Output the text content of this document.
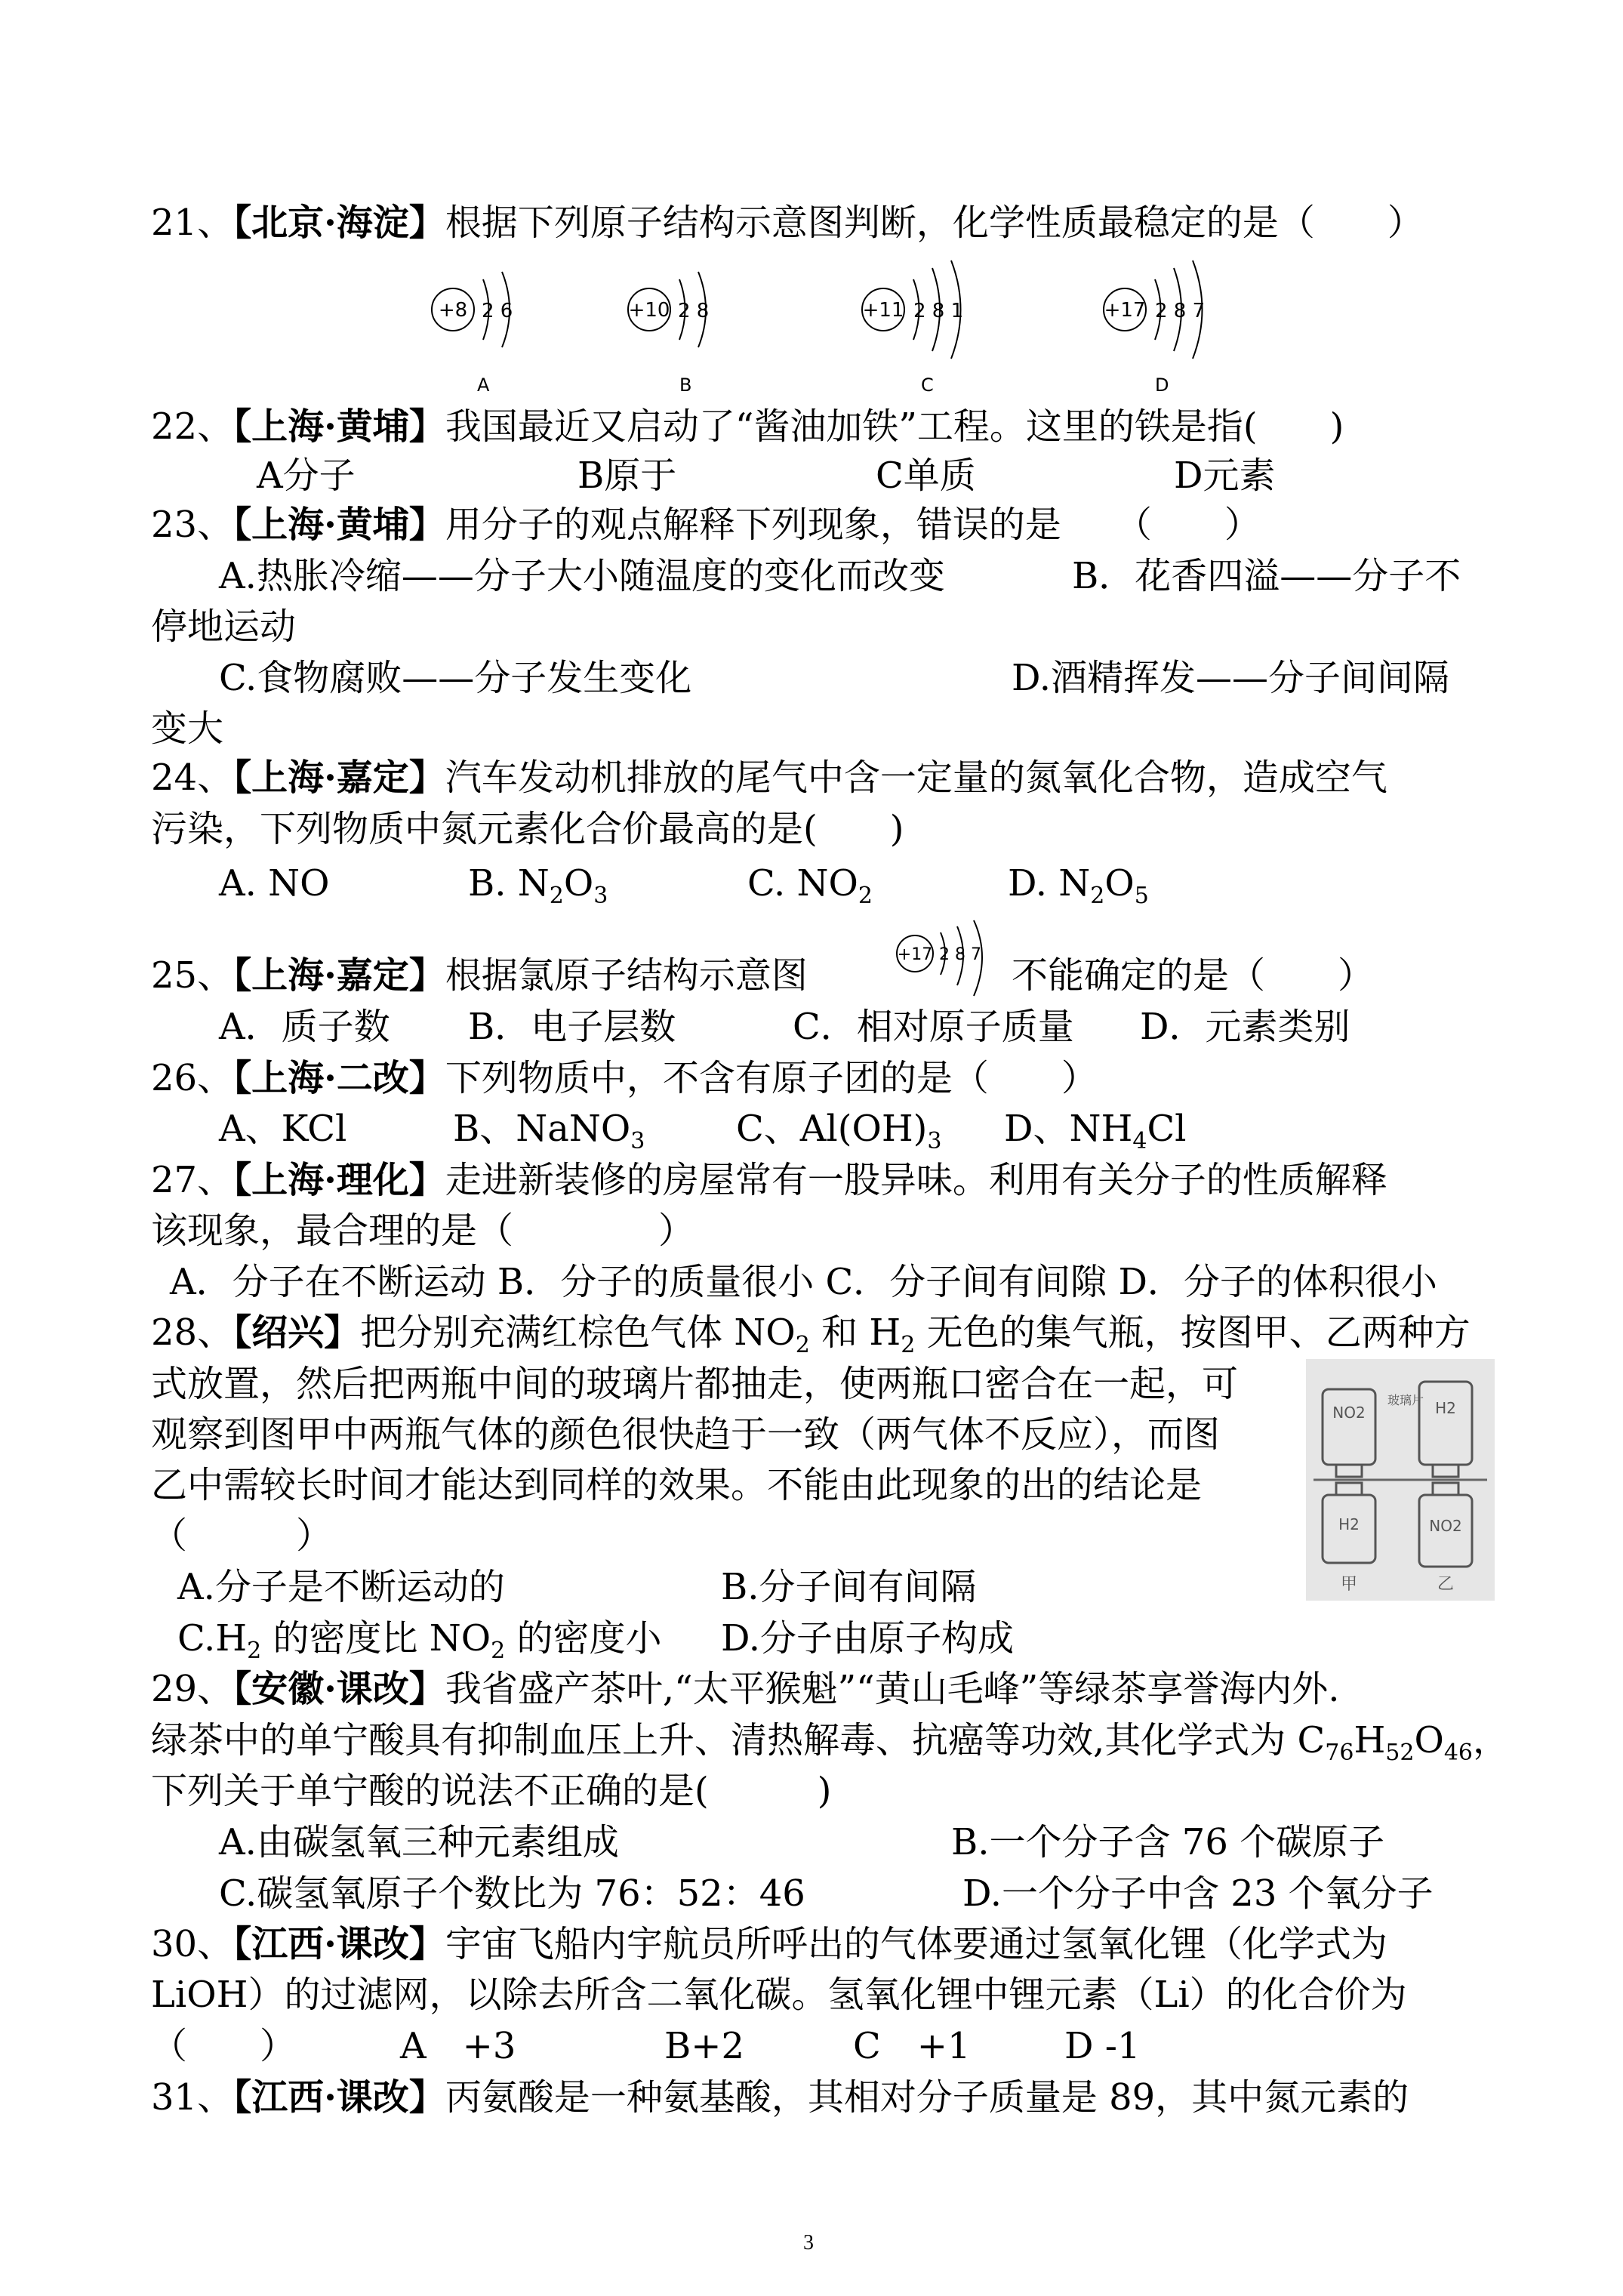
21、【北京·海淀】根据下列原子结构示意图判断，化学性质最稳定的是（　　）
+8 2 6	+10 2 8	+11 2 8 1	+17 2 8 7
A	B	C	D
22、【上海·黄埔】我国最近又启动了“酱油加铁”工程。这里的铁是指(　　)
A分子	B原于	C单质	D元素
23、【上海·黄埔】用分子的观点解释下列现象，错误的是　　（　　）
A.热胀冷缩——分子大小随温度的变化而改变	B．花香四溢——分子不
停地运动
C.食物腐败——分子发生变化	D.酒精挥发——分子间间隔
变大
24、【上海·嘉定】汽车发动机排放的尾气中含一定量的氮氧化合物，造成空气
污染，下列物质中氮元素化合价最高的是(　　)
A. NO	B. $N_2O_3$	C. $NO_2$	D. $N_2O_5$
25、【上海·嘉定】根据氯原子结构示意图	+17 2 8 7 不能确定的是（　　）
A．质子数 B．电子层数	C．相对原子质量 D．元素类别
26、【上海·二改】下列物质中，不含有原子团的是（　　）
A、KCl	B、NaNO$_3$	C、$Al(OH)_3$ D、$NH_4Cl$
27、【上海·理化】走进新装修的房屋常有一股异味。利用有关分子的性质解释
该现象，最合理的是（　　　　）
A．分子在不断运动 B．分子的质量很小 C．分子间有间隙 D．分子的体积很小
28、【绍兴】把分别充满红棕色气体 $NO_2$ 和 $H_2$ 无色的集气瓶，按图甲、乙两种方
式放置，然后把两瓶中间的玻璃片都抽走，使两瓶口密合在一起，可
观察到图甲中两瓶气体的颜色很快趋于一致（两气体不反应），而图
乙中需较长时间才能达到同样的效果。不能由此现象的出的结论是
（　　　）
NO2
H2
H2
NO2
玻璃片
甲	乙
A.分子是不断运动的	B.分子间有间隔
$C.H_2$ 的密度比 $NO_2$ 的密度小 D.分子由原子构成
29、【安徽·课改】我省盛产茶叶,“太平猴魁”“黄山毛峰”等绿茶享誉海内外.
绿茶中的单宁酸具有抑制血压上升、清热解毒、抗癌等功效,其化学式为 $C_{76}H_{52}O_{46}$，
下列关于单宁酸的说法不正确的是(　　　)
A.由碳氢氧三种元素组成	B.一个分子含 76 个碳原子
C.碳氢氧原子个数比为 76：52：46	D.一个分子中含 23 个氧分子
30、【江西·课改】宇宙飞船内宇航员所呼出的气体要通过氢氧化锂（化学式为
LiOH）的过滤网，以除去所含二氧化碳。氢氧化锂中锂元素（Li）的化合价为
（　　）	A　+3	B+2	C　+1	D -1
31、【江西·课改】丙氨酸是一种氨基酸，其相对分子质量是 89，其中氮元素的
3
